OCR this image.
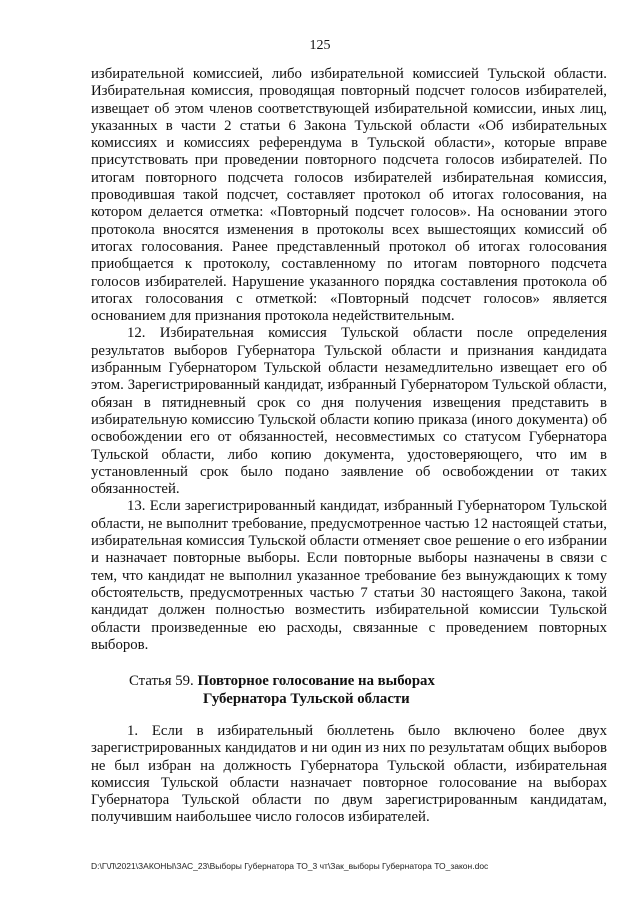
125

избирательной комиссией, либо избирательной комиссией Тульской области. Избирательная комиссия, проводящая повторный подсчет голосов избирателей, извещает об этом членов соответствующей избирательной комиссии, иных лиц, указанных в части 2 статьи 6 Закона Тульской области «Об избирательных комиссиях и комиссиях референдума в Тульской области», которые вправе присутствовать при проведении повторного подсчета голосов избирателей. По итогам повторного подсчета голосов избирателей избирательная комиссия, проводившая такой подсчет, составляет протокол об итогах голосования, на котором делается отметка: «Повторный подсчет голосов». На основании этого протокола вносятся изменения в протоколы всех вышестоящих комиссий об итогах голосования. Ранее представленный протокол об итогах голосования приобщается к протоколу, составленному по итогам повторного подсчета голосов избирателей. Нарушение указанного порядка составления протокола об итогах голосования с отметкой: «Повторный подсчет голосов» является основанием для признания протокола недействительным.

12. Избирательная комиссия Тульской области после определения результатов выборов Губернатора Тульской области и признания кандидата избранным Губернатором Тульской области незамедлительно извещает его об этом. Зарегистрированный кандидат, избранный Губернатором Тульской области, обязан в пятидневный срок со дня получения извещения представить в избирательную комиссию Тульской области копию приказа (иного документа) об освобождении его от обязанностей, несовместимых со статусом Губернатора Тульской области, либо копию документа, удостоверяющего, что им в установленный срок было подано заявление об освобождении от таких обязанностей.

13. Если зарегистрированный кандидат, избранный Губернатором Тульской области, не выполнит требование, предусмотренное частью 12 настоящей статьи, избирательная комиссия Тульской области отменяет свое решение о его избрании и назначает повторные выборы. Если повторные выборы назначены в связи с тем, что кандидат не выполнил указанное требование без вынуждающих к тому обстоятельств, предусмотренных частью 7 статьи 30 настоящего Закона, такой кандидат должен полностью возместить избирательной комиссии Тульской области произведенные ею расходы, связанные с проведением повторных выборов.

Статья 59. Повторное голосование на выборах
Губернатора Тульской области

1. Если в избирательный бюллетень было включено более двух зарегистрированных кандидатов и ни один из них по результатам общих выборов не был избран на должность Губернатора Тульской области, избирательная комиссия Тульской области назначает повторное голосование на выборах Губернатора Тульской области по двум зарегистрированным кандидатам, получившим наибольшее число голосов избирателей.

D:\Г\Л\2021\ЗАКОНЫ\ЗАС_23\Выборы Губернатора ТО_3 чт\Зак_выборы Губернатора ТО_закон.doc
